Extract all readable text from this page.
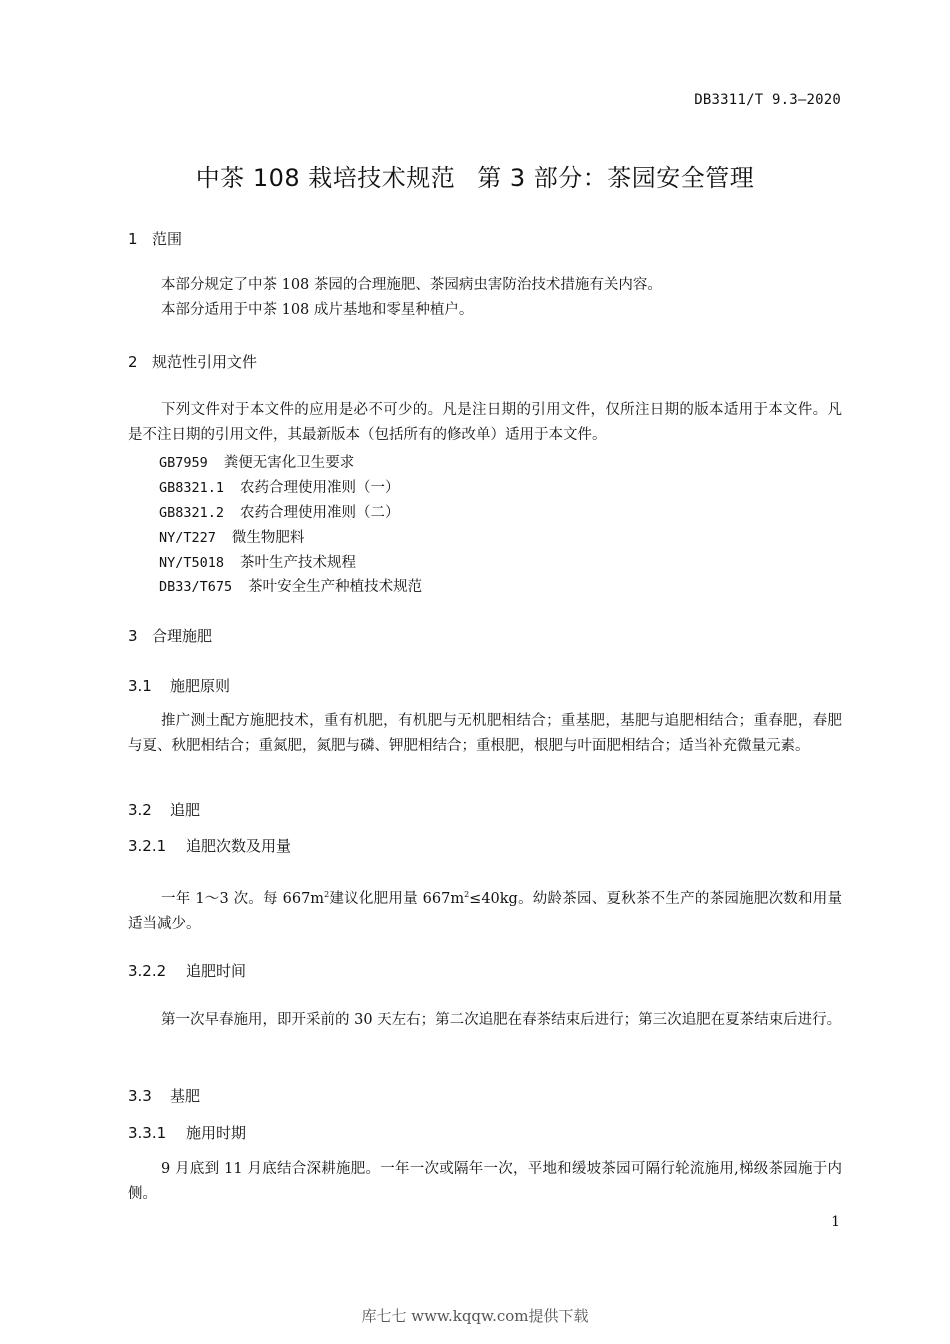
DB3311/T 9.3—2020
中茶 108 栽培技术规范 第 3 部分：茶园安全管理
1 范围
本部分规定了中茶 108 茶园的合理施肥、茶园病虫害防治技术措施有关内容。
本部分适用于中茶 108 成片基地和零星种植户。
2 规范性引用文件
下列文件对于本文件的应用是必不可少的。凡是注日期的引用文件，仅所注日期的版本适用于本文件。凡是不注日期的引用文件，其最新版本（包括所有的修改单）适用于本文件。
GB7959 粪便无害化卫生要求
GB8321.1 农药合理使用准则（一）
GB8321.2 农药合理使用准则（二）
NY/T227 微生物肥料
NY/T5018 茶叶生产技术规程
DB33/T675 茶叶安全生产种植技术规范
3 合理施肥
3.1 施肥原则
推广测土配方施肥技术，重有机肥，有机肥与无机肥相结合；重基肥，基肥与追肥相结合；重春肥，春肥与夏、秋肥相结合；重氮肥，氮肥与磷、钾肥相结合；重根肥，根肥与叶面肥相结合；适当补充微量元素。
3.2 追肥
3.2.1 追肥次数及用量
一年 1～3 次。每 $667m^2$建议化肥用量 $667m^2\le 40kg$。幼龄茶园、夏秋茶不生产的茶园施肥次数和用量适当减少。
3.2.2 追肥时间
第一次早春施用，即开采前的 30 天左右；第二次追肥在春茶结束后进行；第三次追肥在夏茶结束后进行。
3.3 基肥
3.3.1 施用时期
9 月底到 11 月底结合深耕施肥。一年一次或隔年一次，平地和缓坡茶园可隔行轮流施用,梯级茶园施于内侧。
1
库七七 www.kqqw.com提供下载
